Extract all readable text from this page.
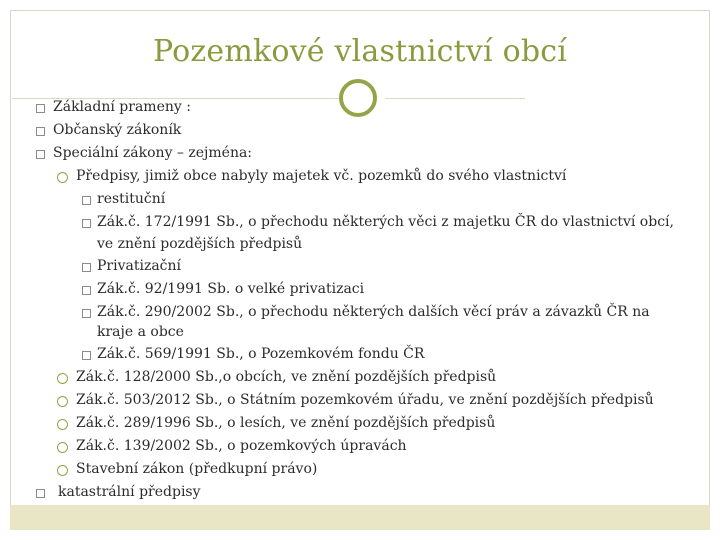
Pozemkové vlastnictví obcí
Základní prameny :
Občanský zákoník
Speciální zákony – zejména:
Předpisy, jimiž obce nabyly majetek vč. pozemků do svého vlastnictví
restituční
Zák.č. 172/1991 Sb., o přechodu některých věci z majetku ČR do vlastnictví obcí,
ve znění pozdějších předpisů
Privatizační
Zák.č. 92/1991 Sb. o velké privatizaci
Zák.č. 290/2002 Sb., o přechodu některých dalších věcí práv a závazků ČR na
kraje a obce
Zák.č. 569/1991 Sb., o Pozemkovém fondu ČR
Zák.č. 128/2000 Sb.,o obcích, ve znění pozdějších předpisů
Zák.č. 503/2012 Sb., o Státním pozemkovém úřadu, ve znění pozdějších předpisů
Zák.č. 289/1996 Sb., o lesích, ve znění pozdějších předpisů
Zák.č. 139/2002 Sb., o pozemkových úpravách
Stavební zákon (předkupní právo)
katastrální předpisy
